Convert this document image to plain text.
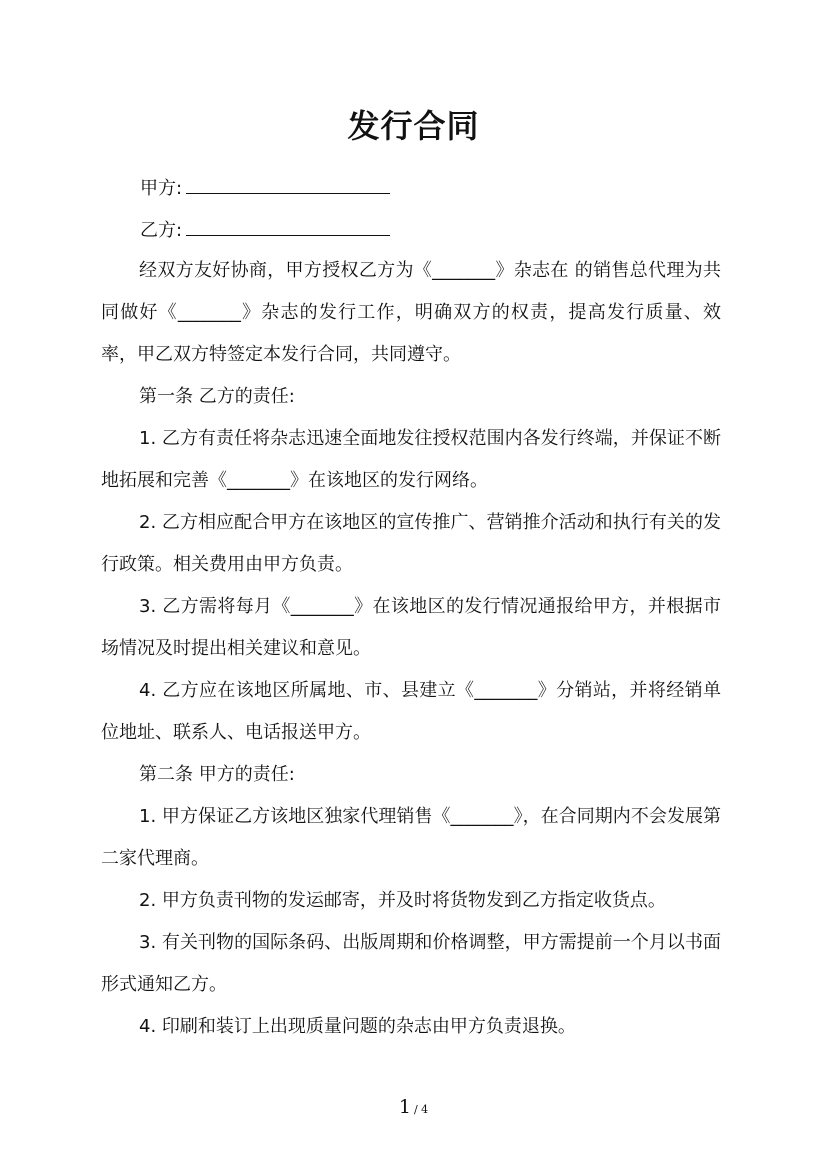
发行合同
甲方:
乙方:

经双方友好协商，甲方授权乙方为《_______》杂志在 的销售总代理为共同做好《_______》杂志的发行工作，明确双方的权责，提高发行质量、效率，甲乙双方特签定本发行合同，共同遵守。

第一条 乙方的责任:

1. 乙方有责任将杂志迅速全面地发往授权范围内各发行终端，并保证不断地拓展和完善《_______》在该地区的发行网络。

2. 乙方相应配合甲方在该地区的宣传推广、营销推介活动和执行有关的发行政策。相关费用由甲方负责。

3. 乙方需将每月《_______》在该地区的发行情况通报给甲方，并根据市场情况及时提出相关建议和意见。

4. 乙方应在该地区所属地、市、县建立《_______》分销站，并将经销单位地址、联系人、电话报送甲方。

第二条 甲方的责任:

1. 甲方保证乙方该地区独家代理销售《_______》，在合同期内不会发展第二家代理商。

2. 甲方负责刊物的发运邮寄，并及时将货物发到乙方指定收货点。

3. 有关刊物的国际条码、出版周期和价格调整，甲方需提前一个月以书面形式通知乙方。

4. 印刷和装订上出现质量问题的杂志由甲方负责退换。

1 / 4
